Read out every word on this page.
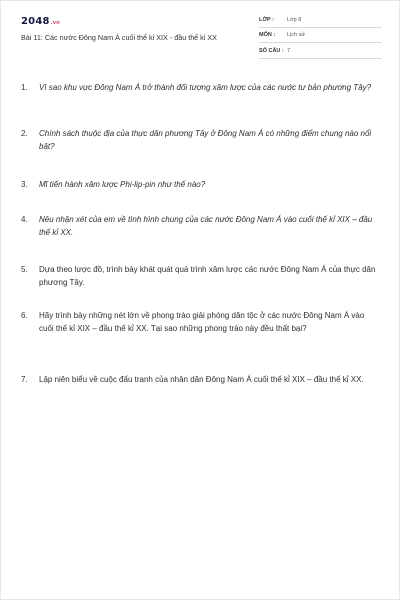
2048.vn
Bài 11: Các nước Đông Nam Á cuối thế kỉ XIX - đầu thế kỉ XX
LỚP : Lớp 8
MÔN : Lịch sử
SỐ CÂU : 7
1.	Vì sao khu vực Đông Nam Á trở thành đối tượng xâm lược của các nước tư bản phương Tây?
2.	Chính sách thuộc địa của thực dân phương Tây ở Đông Nam Á có những điểm chung nào nổi bật?
3.	Mĩ tiến hành xâm lược Phi-lip-pin như thế nào?
4.	Nêu nhận xét của em về tình hình chung của các nước Đông Nam Á vào cuối thế kỉ XIX – đầu thế kỉ XX.
5.	Dựa theo lược đồ, trình bày khát quát quá trình xâm lược các nước Đông Nam Á của thực dân phương Tây.
6.	Hãy trình bày những nét lớn về phong trào giải phóng dân tộc ở các nước Đông Nam Á vào cuối thế kỉ XIX – đầu thế kỉ XX. Tại sao những phong trào này đều thất bại?
7.	Lập niên biểu về cuộc đấu tranh của nhân dân Đông Nam Á cuối thế kỉ XIX – đầu thế kỉ XX.
